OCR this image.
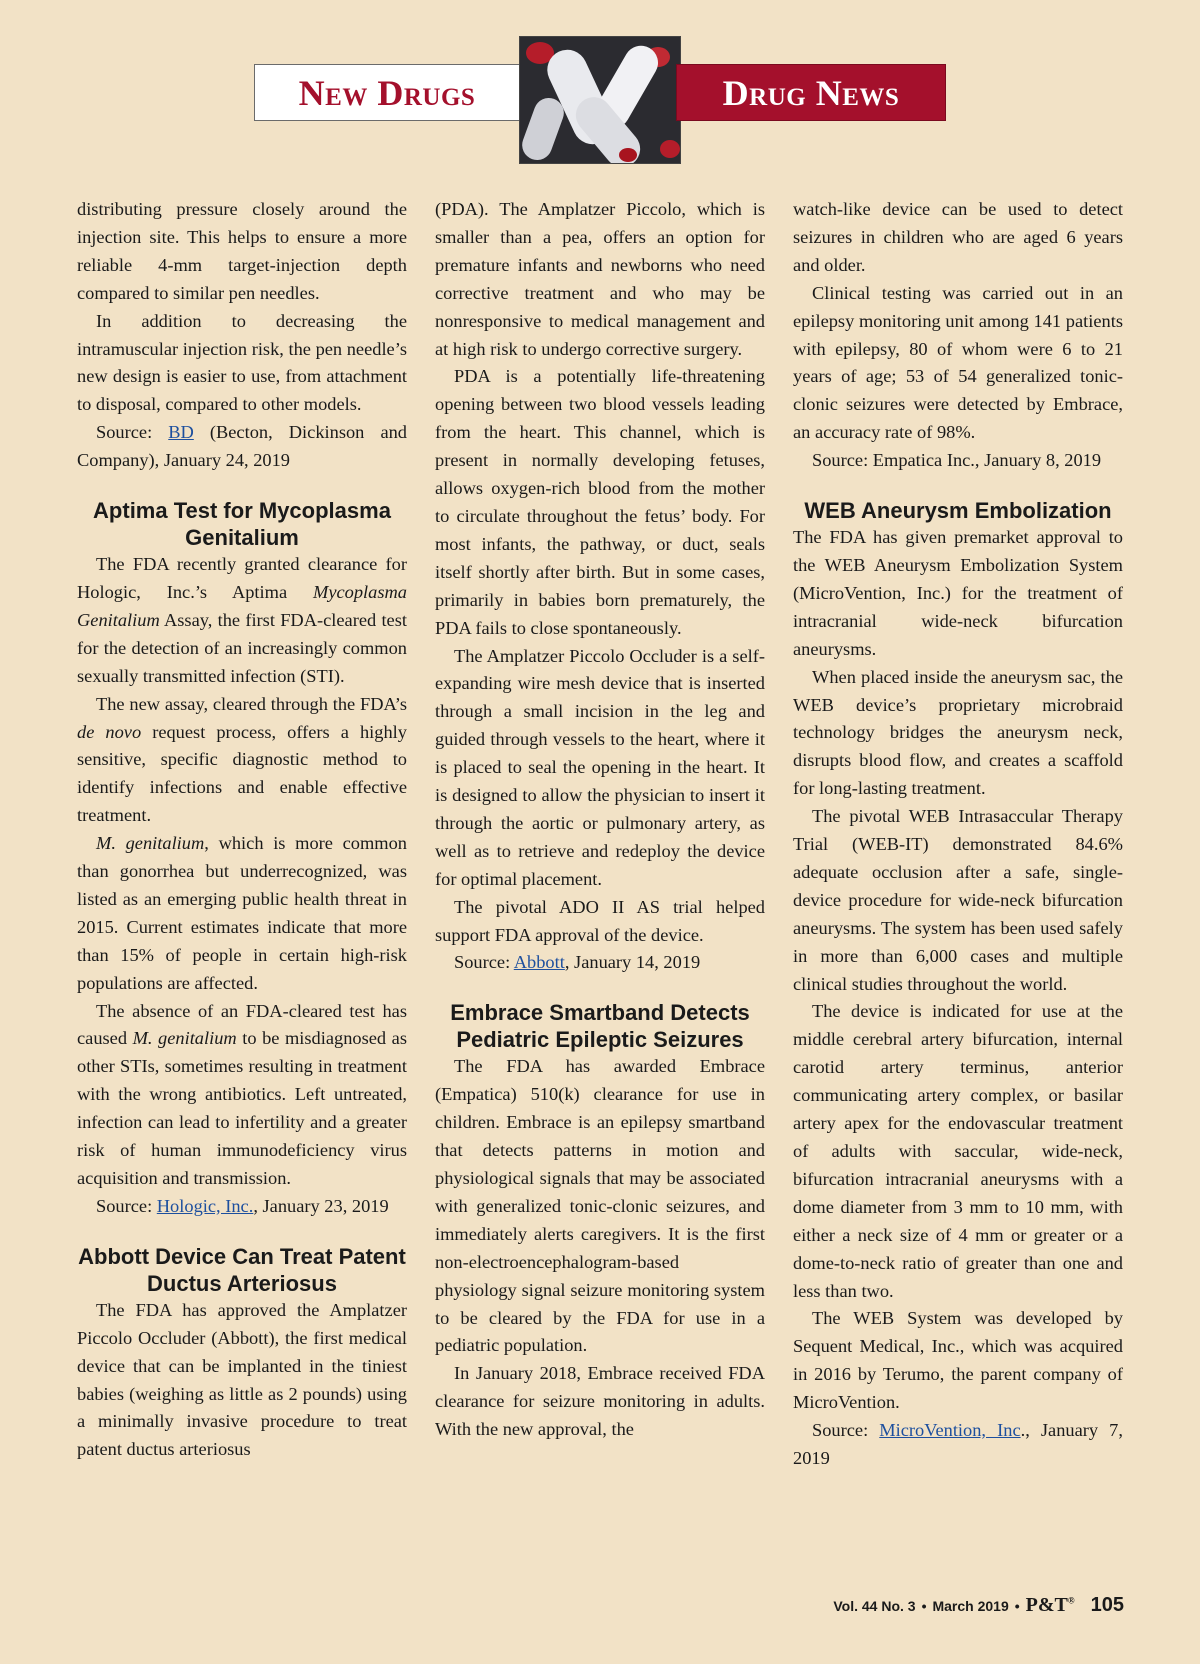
New Drugs	Drug News

distributing pressure closely around the injection site. This helps to ensure a more reliable 4-mm target-injection depth compared to similar pen needles.

In addition to decreasing the intramuscular injection risk, the pen needle’s new design is easier to use, from attachment to disposal, compared to other models.

Source: BD (Becton, Dickinson and Company), January 24, 2019

Aptima Test for Mycoplasma Genitalium

The FDA recently granted clearance for Hologic, Inc.’s Aptima Mycoplasma Genitalium Assay, the first FDA-cleared test for the detection of an increasingly common sexually transmitted infection (STI).

The new assay, cleared through the FDA’s de novo request process, offers a highly sensitive, specific diagnostic method to identify infections and enable effective treatment.

M. genitalium, which is more common than gonorrhea but underrecognized, was listed as an emerging public health threat in 2015. Current estimates indicate that more than 15% of people in certain high-risk populations are affected.

The absence of an FDA-cleared test has caused M. genitalium to be misdiagnosed as other STIs, sometimes resulting in treatment with the wrong antibiotics. Left untreated, infection can lead to infertility and a greater risk of human immunodeficiency virus acquisition and transmission.

Source: Hologic, Inc., January 23, 2019

Abbott Device Can Treat Patent Ductus Arteriosus

The FDA has approved the Amplatzer Piccolo Occluder (Abbott), the first medical device that can be implanted in the tiniest babies (weighing as little as 2 pounds) using a minimally invasive procedure to treat patent ductus arteriosus

(PDA). The Amplatzer Piccolo, which is smaller than a pea, offers an option for premature infants and newborns who need corrective treatment and who may be nonresponsive to medical management and at high risk to undergo corrective surgery.

PDA is a potentially life-threatening opening between two blood vessels leading from the heart. This channel, which is present in normally developing fetuses, allows oxygen-rich blood from the mother to circulate throughout the fetus’ body. For most infants, the pathway, or duct, seals itself shortly after birth. But in some cases, primarily in babies born prematurely, the PDA fails to close spontaneously.

The Amplatzer Piccolo Occluder is a self-expanding wire mesh device that is inserted through a small incision in the leg and guided through vessels to the heart, where it is placed to seal the opening in the heart. It is designed to allow the physician to insert it through the aortic or pulmonary artery, as well as to retrieve and redeploy the device for optimal placement.

The pivotal ADO II AS trial helped support FDA approval of the device.

Source: Abbott, January 14, 2019

Embrace Smartband Detects Pediatric Epileptic Seizures

The FDA has awarded Embrace (Empatica) 510(k) clearance for use in children. Embrace is an epilepsy smartband that detects patterns in motion and physiological signals that may be associated with generalized tonic-clonic seizures, and immediately alerts caregivers. It is the first non-electroencephalogram-based physiology signal seizure monitoring system to be cleared by the FDA for use in a pediatric population.

In January 2018, Embrace received FDA clearance for seizure monitoring in adults. With the new approval, the

watch-like device can be used to detect seizures in children who are aged 6 years and older.

Clinical testing was carried out in an epilepsy monitoring unit among 141 patients with epilepsy, 80 of whom were 6 to 21 years of age; 53 of 54 generalized tonic-clonic seizures were detected by Embrace, an accuracy rate of 98%.

Source: Empatica Inc., January 8, 2019

WEB Aneurysm Embolization

The FDA has given premarket approval to the WEB Aneurysm Embolization System (MicroVention, Inc.) for the treatment of intracranial wide-neck bifurcation aneurysms.

When placed inside the aneurysm sac, the WEB device’s proprietary microbraid technology bridges the aneurysm neck, disrupts blood flow, and creates a scaffold for long-lasting treatment.

The pivotal WEB Intrasaccular Therapy Trial (WEB-IT) demonstrated 84.6% adequate occlusion after a safe, single-device procedure for wide-neck bifurcation aneurysms. The system has been used safely in more than 6,000 cases and multiple clinical studies throughout the world.

The device is indicated for use at the middle cerebral artery bifurcation, internal carotid artery terminus, anterior communicating artery complex, or basilar artery apex for the endovascular treatment of adults with saccular, wide-neck, bifurcation intracranial aneurysms with a dome diameter from 3 mm to 10 mm, with either a neck size of 4 mm or greater or a dome-to-neck ratio of greater than one and less than two.

The WEB System was developed by Sequent Medical, Inc., which was acquired in 2016 by Terumo, the parent company of MicroVention.

Source: MicroVention, Inc., January 7, 2019

Vol. 44 No. 3 • March 2019 • P&T® 105
